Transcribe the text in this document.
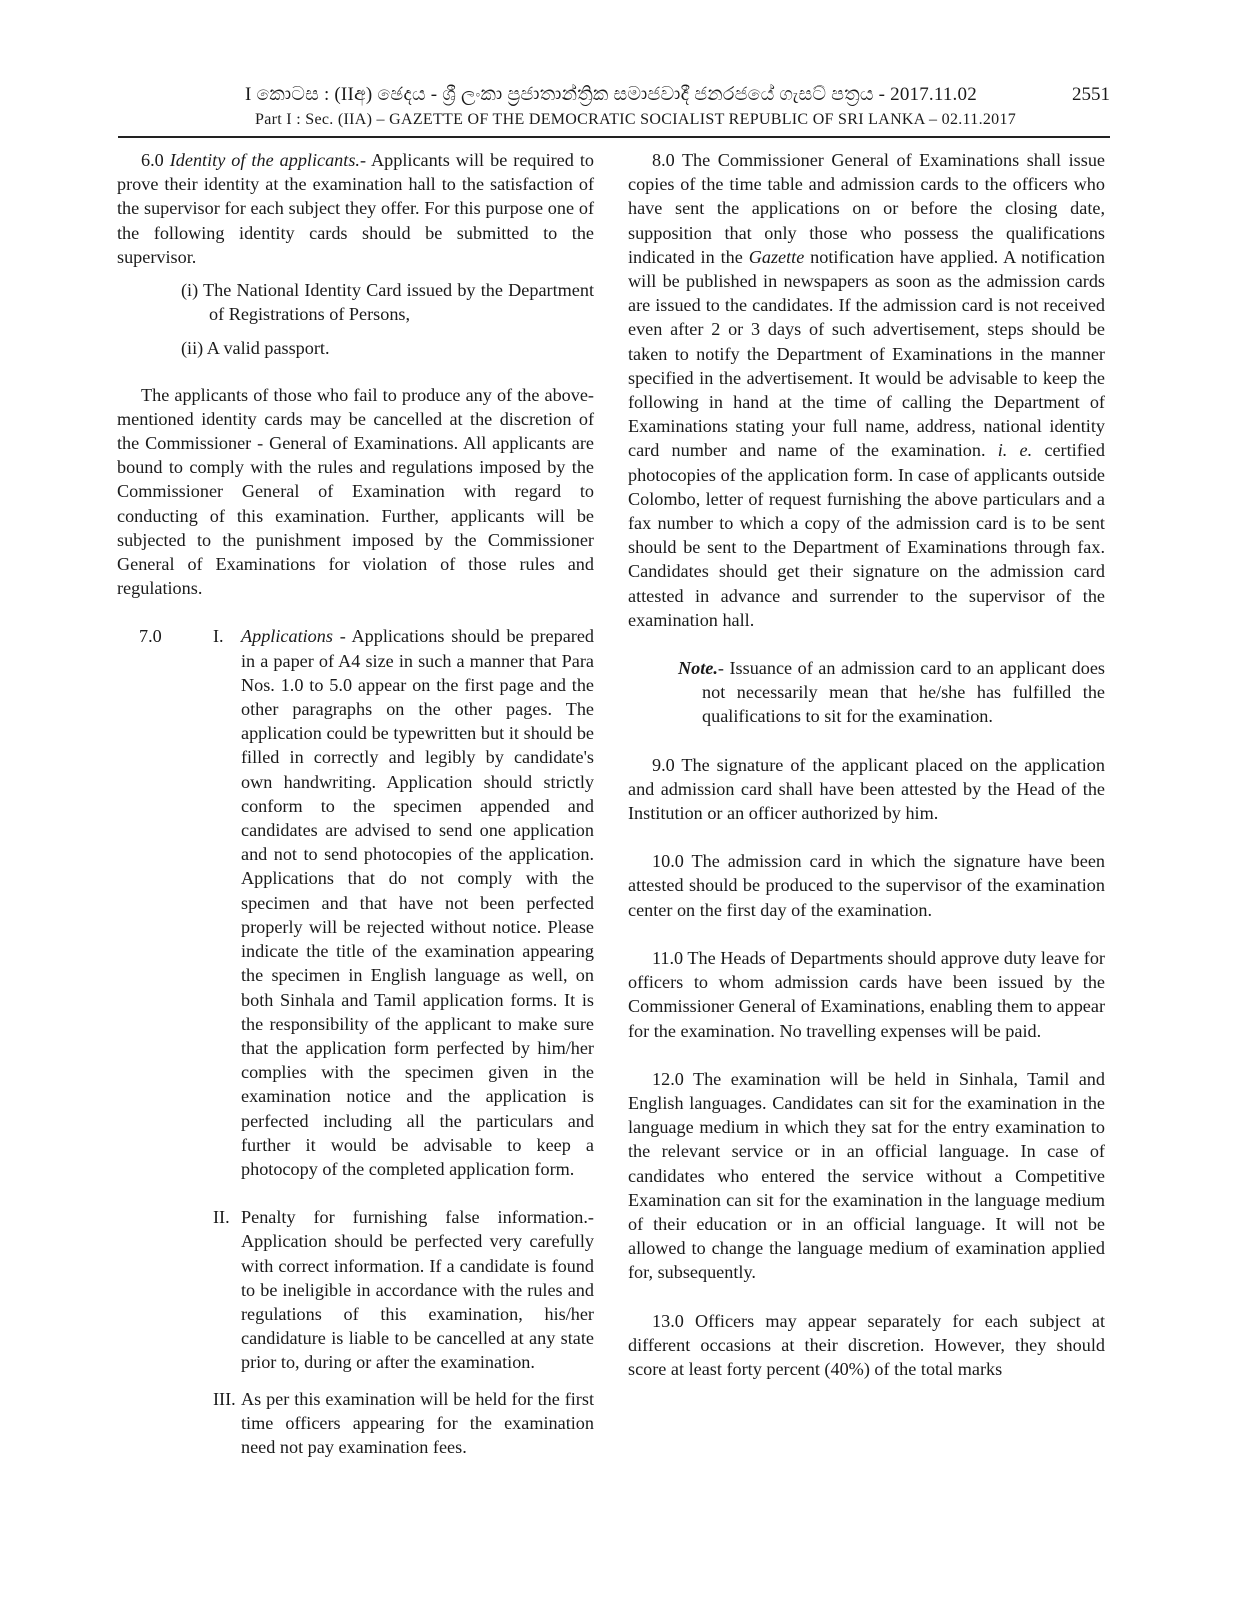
I කොටස : (IIඅ) ඡෙදය - ශ්‍රී ලංකා ප්‍රජාතාන්ත්‍රික සමාජවාදී ජනරජයේ ගැසට් පත්‍රය - 2017.11.02	2551
Part I : Sec. (IIA) – GAZETTE OF THE DEMOCRATIC SOCIALIST REPUBLIC OF SRI LANKA – 02.11.2017

6.0 Identity of the applicants.- Applicants will be required to prove their identity at the examination hall to the satisfaction of the supervisor for each subject they offer. For this purpose one of the following identity cards should be submitted to the supervisor.

(i) The National Identity Card issued by the Department of Registrations of Persons,
(ii) A valid passport.

The applicants of those who fail to produce any of the above-mentioned identity cards may be cancelled at the discretion of the Commissioner - General of Examinations. All applicants are bound to comply with the rules and regulations imposed by the Commissioner General of Examination with regard to conducting of this examination. Further, applicants will be subjected to the punishment imposed by the Commissioner General of Examinations for violation of those rules and regulations.

7.0	I. Applications - Applications should be prepared in a paper of A4 size in such a manner that Para Nos. 1.0 to 5.0 appear on the first page and the other paragraphs on the other pages. The application could be typewritten but it should be filled in correctly and legibly by candidate's own handwriting. Application should strictly conform to the specimen appended and candidates are advised to send one application and not to send photocopies of the application. Applications that do not comply with the specimen and that have not been perfected properly will be rejected without notice. Please indicate the title of the examination appearing the specimen in English language as well, on both Sinhala and Tamil application forms. It is the responsibility of the applicant to make sure that the application form perfected by him/her complies with the specimen given in the examination notice and the application is perfected including all the particulars and further it would be advisable to keep a photocopy of the completed application form.
II. Penalty for furnishing false information.- Application should be perfected very carefully with correct information. If a candidate is found to be ineligible in accordance with the rules and regulations of this examination, his/her candidature is liable to be cancelled at any state prior to, during or after the examination.
III. As per this examination will be held for the first time officers appearing for the examination need not pay examination fees.

8.0 The Commissioner General of Examinations shall issue copies of the time table and admission cards to the officers who have sent the applications on or before the closing date, supposition that only those who possess the qualifications indicated in the Gazette notification have applied. A notification will be published in newspapers as soon as the admission cards are issued to the candidates. If the admission card is not received even after 2 or 3 days of such advertisement, steps should be taken to notify the Department of Examinations in the manner specified in the advertisement. It would be advisable to keep the following in hand at the time of calling the Department of Examinations stating your full name, address, national identity card number and name of the examination. i. e. certified photocopies of the application form. In case of applicants outside Colombo, letter of request furnishing the above particulars and a fax number to which a copy of the admission card is to be sent should be sent to the Department of Examinations through fax. Candidates should get their signature on the admission card attested in advance and surrender to the supervisor of the examination hall.

Note.- Issuance of an admission card to an applicant does not necessarily mean that he/she has fulfilled the qualifications to sit for the examination.

9.0 The signature of the applicant placed on the application and admission card shall have been attested by the Head of the Institution or an officer authorized by him.

10.0 The admission card in which the signature have been attested should be produced to the supervisor of the examination center on the first day of the examination.

11.0 The Heads of Departments should approve duty leave for officers to whom admission cards have been issued by the Commissioner General of Examinations, enabling them to appear for the examination. No travelling expenses will be paid.

12.0 The examination will be held in Sinhala, Tamil and English languages. Candidates can sit for the examination in the language medium in which they sat for the entry examination to the relevant service or in an official language. In case of candidates who entered the service without a Competitive Examination can sit for the examination in the language medium of their education or in an official language. It will not be allowed to change the language medium of examination applied for, subsequently.

13.0 Officers may appear separately for each subject at different occasions at their discretion. However, they should score at least forty percent (40%) of the total marks
